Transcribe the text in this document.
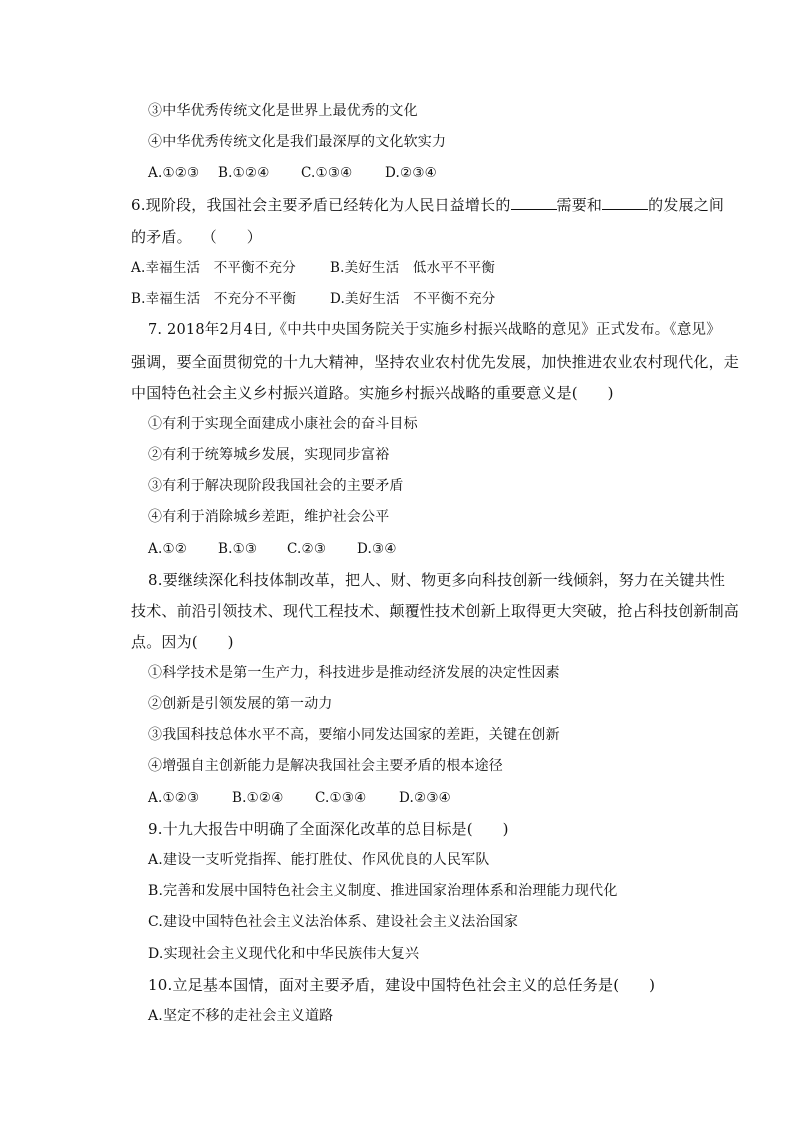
③中华优秀传统文化是世界上最优秀的文化
④中华优秀传统文化是我们最深厚的文化软实力
A.①②③ B.①②④ C.①③④ D.②③④
6.现阶段，我国社会主要矛盾已经转化为人民日益增长的	需要和	的发展之间
的矛盾。  （      ）
A.幸福生活   不平衡不充分	B.美好生活   低水平不平衡
B.幸福生活   不充分不平衡	D.美好生活   不平衡不充分
7. 2018年2月4日,《中共中央国务院关于实施乡村振兴战略的意见》正式发布。《意见》
强调，要全面贯彻党的十九大精神，坚持农业农村优先发展，加快推进农业农村现代化，走
中国特色社会主义乡村振兴道路。实施乡村振兴战略的重要意义是(      )
①有利于实现全面建成小康社会的奋斗目标
②有利于统筹城乡发展，实现同步富裕
③有利于解决现阶段我国社会的主要矛盾
④有利于消除城乡差距，维护社会公平
A.①② B.①③ C.②③ D.③④
8.要继续深化科技体制改革，把人、财、物更多向科技创新一线倾斜，努力在关键共性
技术、前沿引领技术、现代工程技术、颠覆性技术创新上取得更大突破，抢占科技创新制高
点。因为(      )
①科学技术是第一生产力，科技进步是推动经济发展的决定性因素
②创新是引领发展的第一动力
③我国科技总体水平不高，要缩小同发达国家的差距，关键在创新
④增强自主创新能力是解决我国社会主要矛盾的根本途径
A.①②③ B.①②④ C.①③④ D.②③④
9.十九大报告中明确了全面深化改革的总目标是(      )
A.建设一支听党指挥、能打胜仗、作风优良的人民军队
B.完善和发展中国特色社会主义制度、推进国家治理体系和治理能力现代化
C.建设中国特色社会主义法治体系、建设社会主义法治国家
D.实现社会主义现代化和中华民族伟大复兴
10.立足基本国情，面对主要矛盾，建设中国特色社会主义的总任务是(      )
A.坚定不移的走社会主义道路
